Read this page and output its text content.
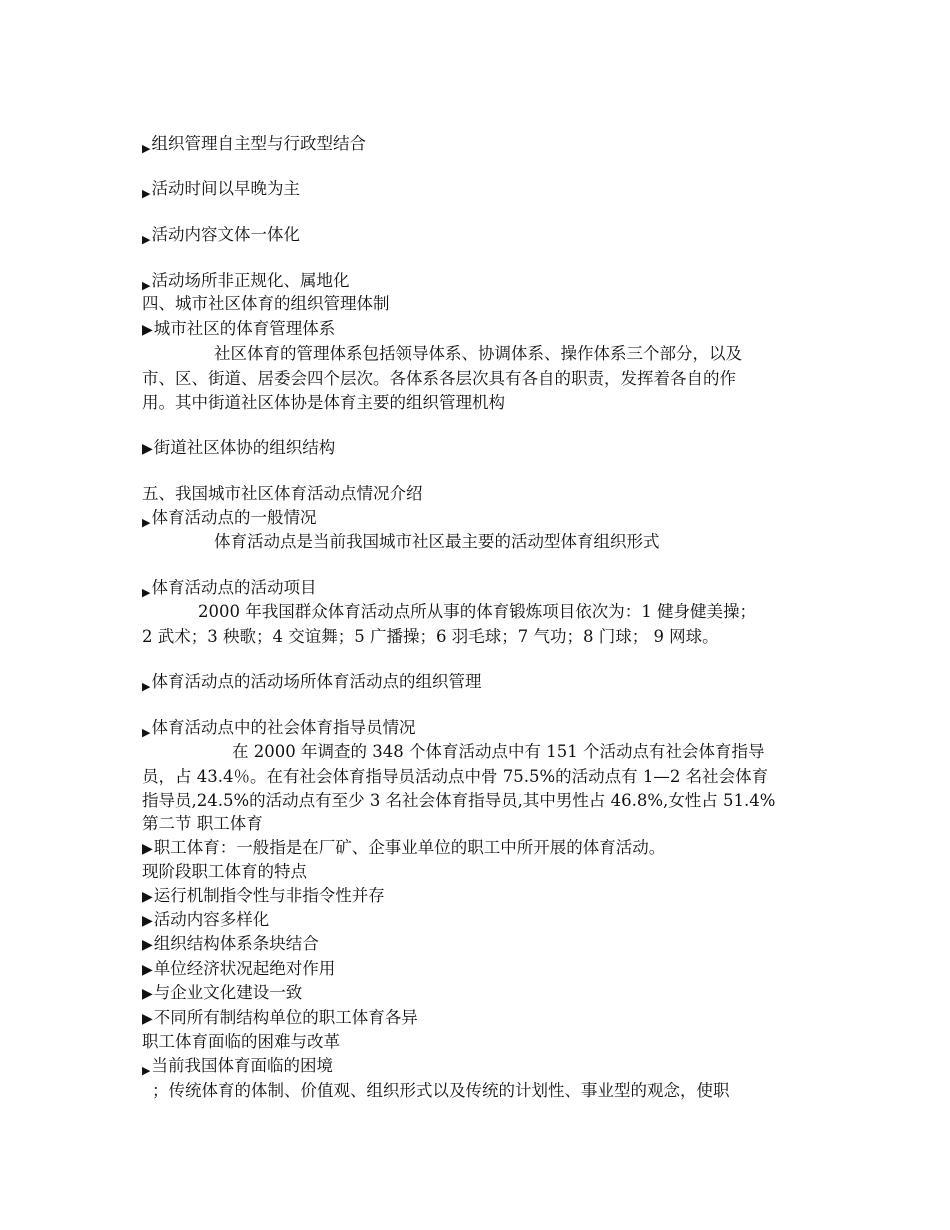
▶组织管理自主型与行政型结合

▶活动时间以早晚为主

▶活动内容文体一体化

▶活动场所非正规化、属地化

四、城市社区体育的组织管理体制

▶城市社区的体育管理体系

社区体育的管理体系包括领导体系、协调体系、操作体系三个部分，以及

市、区、街道、居委会四个层次。各体系各层次具有各自的职责，发挥着各自的作

用。其中街道社区体协是体育主要的组织管理机构

▶街道社区体协的组织结构

五、我国城市社区体育活动点情况介绍

▶体育活动点的一般情况

体育活动点是当前我国城市社区最主要的活动型体育组织形式

▶体育活动点的活动项目

2000 年我国群众体育活动点所从事的体育锻炼项目依次为：1 健身健美操；

2 武术；3 秧歌；4 交谊舞；5 广播操；6 羽毛球；7 气功；8 门球； 9 网球。

▶体育活动点的活动场所体育活动点的组织管理

▶体育活动点中的社会体育指导员情况

在 2000 年调查的 348 个体育活动点中有 151 个活动点有社会体育指导

员，占 43.4％。在有社会体育指导员活动点中骨 75.5%的活动点有 1—2 名社会体育

指导员,24.5%的活动点有至少 3 名社会体育指导员,其中男性占 46.8%,女性占 51.4%

第二节 职工体育

▶职工体育：一般指是在厂矿、企事业单位的职工中所开展的体育活动。

现阶段职工体育的特点

▶运行机制指令性与非指令性并存

▶活动内容多样化

▶组织结构体系条块结合

▶单位经济状况起绝对作用

▶与企业文化建设一致

▶不同所有制结构单位的职工体育各异

职工体育面临的困难与改革

▶当前我国体育面临的困境

；传统体育的体制、价值观、组织形式以及传统的计划性、事业型的观念，使职
